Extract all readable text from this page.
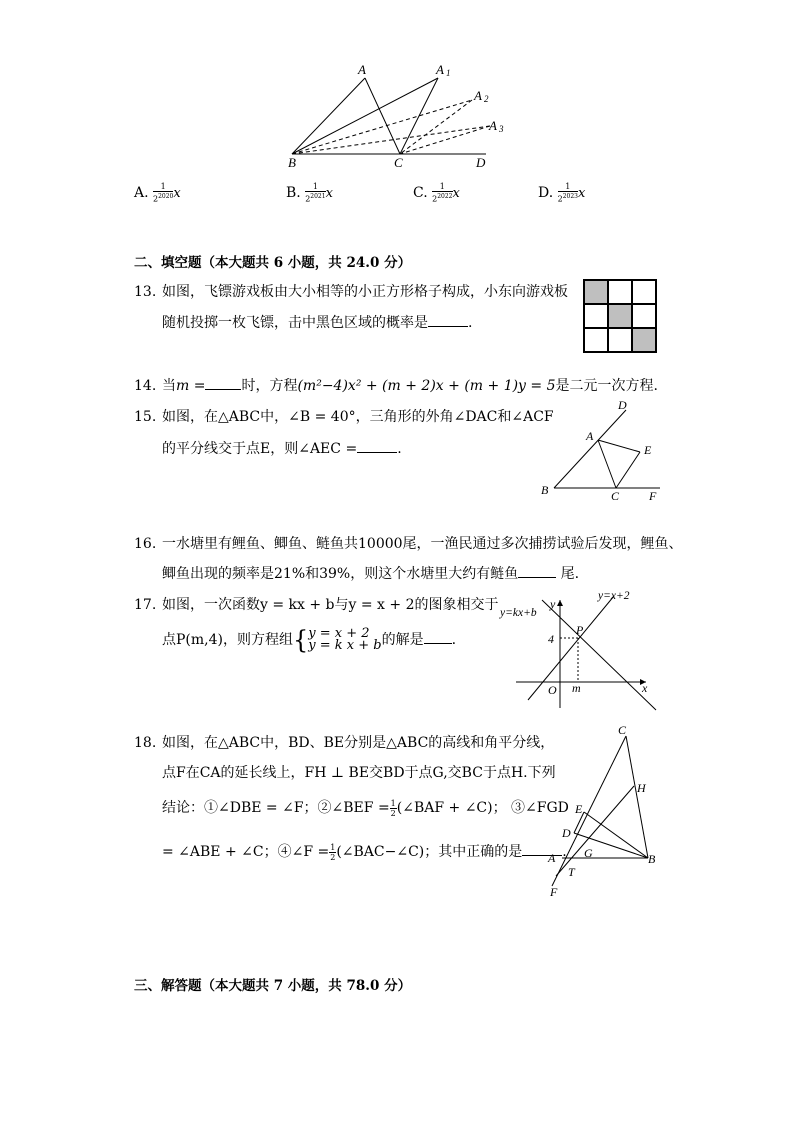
A	A 1
A 2
A 3
B	C	D
A. $\frac{1}{2^{2020}}$ x	B. $\frac{1}{2^{2021}}$ x	C. $\frac{1}{2^{2022}}$ x	D. $\frac{1}{2^{2023}}$ x
二、填空题（本大题共 6 小题，共 24.0 分）
13. 如图，飞镖游戏板由大小相等的小正方形格子构成，小东向游戏板
随机投掷一枚飞镖，击中黑色区域的概率是	.
14. 当m =	时，方程(m²−4)x² + (m + 2)x + (m + 1)y = 5是二元一次方程.
15. 如图，在△ABC中，∠B = 40°，三角形的外角∠DAC和∠ACF
的平分线交于点E，则∠AEC =	.
D
A
E
B	C F
16. 一水塘里有鲤鱼、鲫鱼、鲢鱼共10000尾，一渔民通过多次捕捞试验后发现，鲤鱼、
鲫鱼出现的频率是21%和39%，则这个水塘里大约有鲢鱼	尾.
17. 如图，一次函数y = kx + b与y = x + 2的图象相交于
点P(m,4)，则方程组{ y = x + 2
y = k x + b 的解是 .
y=kx+b
y=x+2
y
x
P
4
O m
18. 如图，在△ABC中，BD、BE分别是△ABC的高线和角平分线，
点F在CA的延长线上，FH ⊥ BE交BD于点G,交BC于点H.下列
结论：①∠DBE = ∠F；②∠BEF = $\frac{1}{2}$ (∠BAF + ∠C)； ③∠FGD
= ∠ABE + ∠C；④∠F = $\frac{1}{2}$ (∠BAC−∠C)；其中正确的是	.
C
H
E
D
G
A	B
T
F
三、解答题（本大题共 7 小题，共 78.0 分）
